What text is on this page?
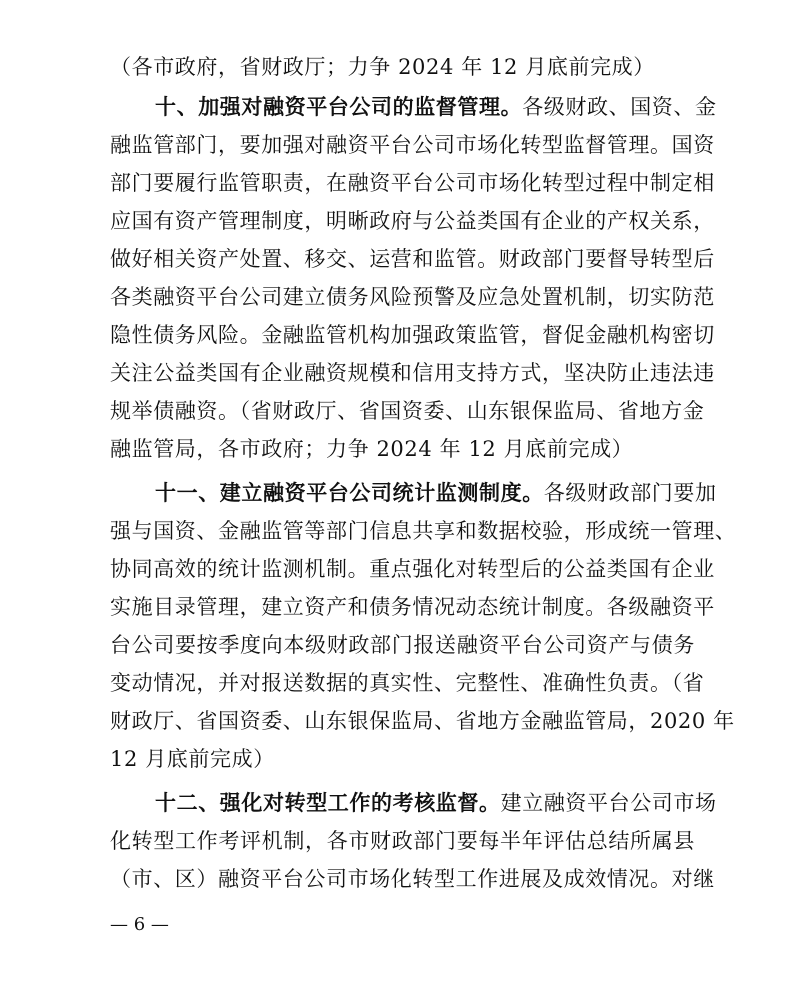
（各市政府，省财政厅；力争 2024 年 12 月底前完成）
十、加强对融资平台公司的监督管理。各级财政、国资、金
融监管部门，要加强对融资平台公司市场化转型监督管理。国资
部门要履行监管职责，在融资平台公司市场化转型过程中制定相
应国有资产管理制度，明晰政府与公益类国有企业的产权关系，
做好相关资产处置、移交、运营和监管。财政部门要督导转型后
各类融资平台公司建立债务风险预警及应急处置机制，切实防范
隐性债务风险。金融监管机构加强政策监管，督促金融机构密切
关注公益类国有企业融资规模和信用支持方式，坚决防止违法违
规举债融资。（省财政厅、省国资委、山东银保监局、省地方金
融监管局，各市政府；力争 2024 年 12 月底前完成）
十一、建立融资平台公司统计监测制度。各级财政部门要加
强与国资、金融监管等部门信息共享和数据校验，形成统一管理、
协同高效的统计监测机制。重点强化对转型后的公益类国有企业
实施目录管理，建立资产和债务情况动态统计制度。各级融资平
台公司要按季度向本级财政部门报送融资平台公司资产与债务
变动情况，并对报送数据的真实性、完整性、准确性负责。（省
财政厅、省国资委、山东银保监局、省地方金融监管局，2020 年
12 月底前完成）
十二、强化对转型工作的考核监督。建立融资平台公司市场
化转型工作考评机制，各市财政部门要每半年评估总结所属县
（市、区）融资平台公司市场化转型工作进展及成效情况。对继
— 6 —
